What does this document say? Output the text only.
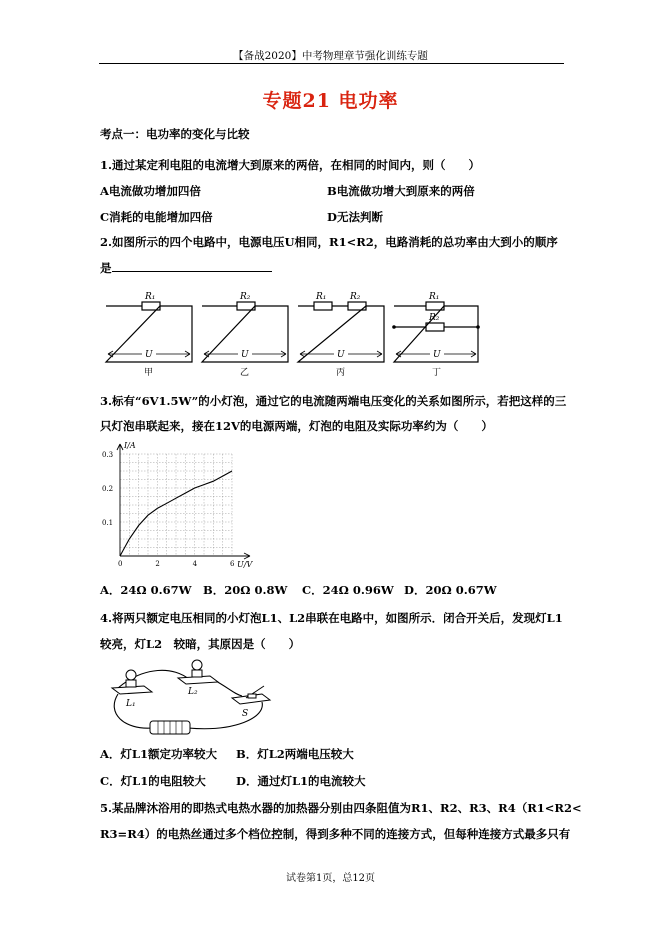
【备战2020】中考物理章节强化训练专题
专题21 电功率
考点一：电功率的变化与比较
1.通过某定利电阻的电流增大到原来的两倍，在相同的时间内，则（　　）
A电流做功增加四倍	B电流做功增大到原来的两倍
C消耗的电能增加四倍	D无法判断
2.如图所示的四个电路中，电源电压U相同，R1<R2，电路消耗的总功率由大到小的顺序
是
R₁
U
甲
R₂
U
乙
R₁	R₂
U
丙
R₁
R₂
U
丁
3.标有“6V1.5W”的小灯泡，通过它的电流随两端电压变化的关系如图所示，若把这样的三
只灯泡串联起来，接在12V的电源两端，灯泡的电阻及实际功率约为（　　）
0	2	4	6
0.1
0.2
0.3
I/A
U/V
A．24Ω 0.67W B．20Ω 0.8W C．24Ω 0.96W D．20Ω 0.67W
4.将两只额定电压相同的小灯泡L1、L2串联在电路中，如图所示．闭合开关后，发现灯L1
较亮，灯L2　较暗，其原因是（　　）
L₁
L₂
S
A．灯L1额定功率较大 B．灯L2两端电压较大
C．灯L1的电阻较大	D．通过灯L1的电流较大
5.某品牌沐浴用的即热式电热水器的加热器分别由四条阻值为R1、R2、R3、R4（R1<R2<
R3=R4）的电热丝通过多个档位控制，得到多种不同的连接方式，但每种连接方式最多只有
试卷第1页，总12页
